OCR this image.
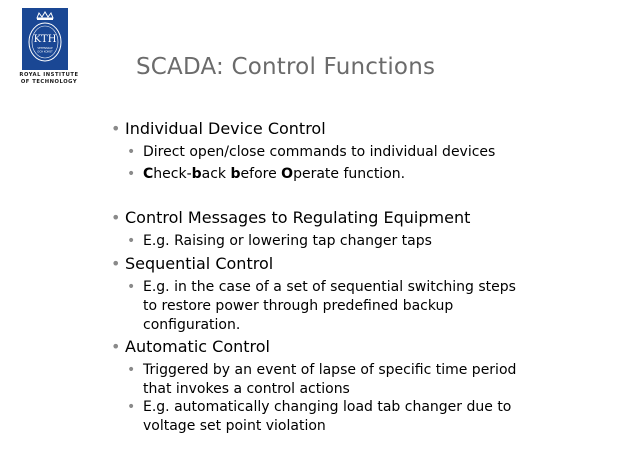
KTH
VETENSKAP
OCH KONST
ROYAL INSTITUTE
OF TECHNOLOGY
SCADA: Control Functions
• Individual Device Control
• Direct open/close commands to individual devices
• Check-back before Operate function.
• Control Messages to Regulating Equipment
• E.g. Raising or lowering tap changer taps
• Sequential Control
• E.g. in the case of a set of sequential switching steps
to restore power through predefined backup
configuration.
• Automatic Control
• Triggered by an event of lapse of specific time period
that invokes a control actions
• E.g. automatically changing load tab changer due to
voltage set point violation
